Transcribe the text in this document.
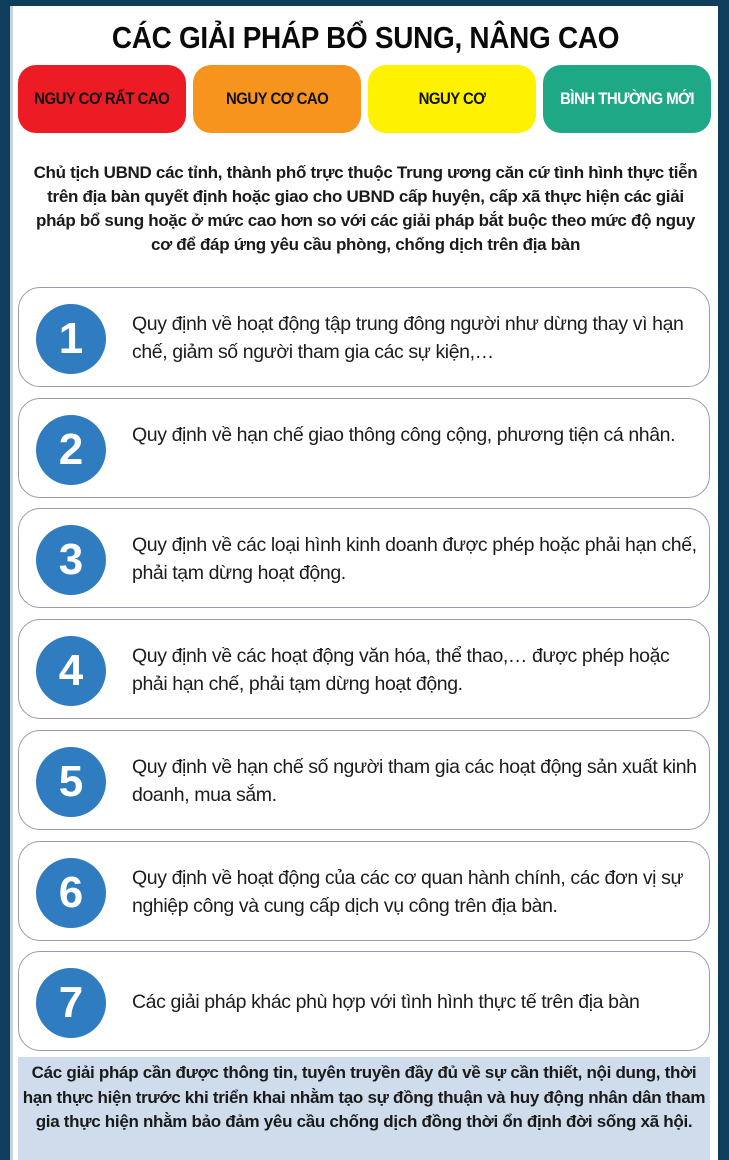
CÁC GIẢI PHÁP BỔ SUNG, NÂNG CAO
NGUY CƠ RẤT CAO	NGUY CƠ CAO	NGUY CƠ	BÌNH THƯỜNG MỚI
Chủ tịch UBND các tỉnh, thành phố trực thuộc Trung ương căn cứ tình hình thực tiễn trên địa bàn quyết định hoặc giao cho UBND cấp huyện, cấp xã thực hiện các giải pháp bổ sung hoặc ở mức cao hơn so với các giải pháp bắt buộc theo mức độ nguy cơ để đáp ứng yêu cầu phòng, chống dịch trên địa bàn
1	Quy định về hoạt động tập trung đông người như dừng thay vì hạn chế, giảm số người tham gia các sự kiện,…
2	Quy định về hạn chế giao thông công cộng, phương tiện cá nhân.
3	Quy định về các loại hình kinh doanh được phép hoặc phải hạn chế, phải tạm dừng hoạt động.
4	Quy định về các hoạt động văn hóa, thể thao,… được phép hoặc phải hạn chế, phải tạm dừng hoạt động.
5	Quy định về hạn chế số người tham gia các hoạt động sản xuất kinh doanh, mua sắm.
6	Quy định về hoạt động của các cơ quan hành chính, các đơn vị sự nghiệp công và cung cấp dịch vụ công trên địa bàn.
7	Các giải pháp khác phù hợp với tình hình thực tế trên địa bàn
Các giải pháp cần được thông tin, tuyên truyền đầy đủ về sự cần thiết, nội dung, thời hạn thực hiện trước khi triển khai nhằm tạo sự đồng thuận và huy động nhân dân tham gia thực hiện nhằm bảo đảm yêu cầu chống dịch đồng thời ổn định đời sống xã hội.
